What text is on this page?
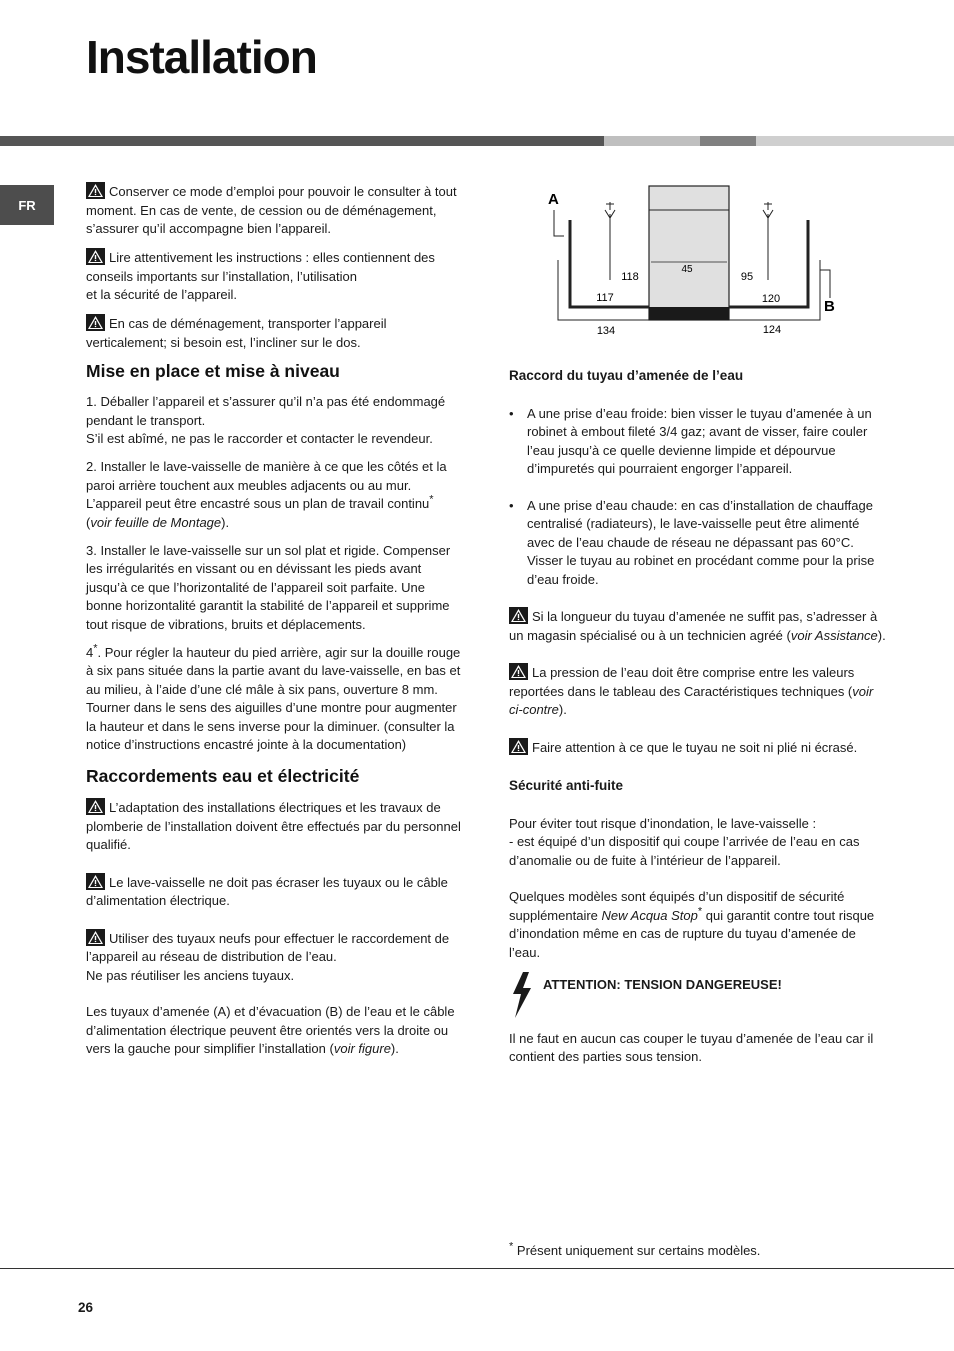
Installation
FR

Conserver ce mode d’emploi pour pouvoir le consulter à tout moment. En cas de vente, de cession ou de déménagement, s’assurer qu’il accompagne bien l’appareil.

Lire attentivement les instructions : elles contiennent des conseils importants sur l’installation, l’utilisation

et la sécurité de l’appareil.

En cas de déménagement, transporter l’appareil verticalement; si besoin est, l’incliner sur le dos.

Mise en place et mise à niveau

1. Déballer l’appareil et s’assurer qu’il n’a pas été endommagé pendant le transport.

S’il est abîmé, ne pas le raccorder et contacter le revendeur.

2. Installer le lave-vaisselle de manière à ce que les côtés et la paroi arrière touchent aux meubles adjacents ou au mur. L’appareil peut être encastré sous un plan de travail continu*
(voir feuille de Montage).

3. Installer le lave-vaisselle sur un sol plat et rigide. Compenser les irrégularités en vissant ou en dévissant les pieds avant jusqu’à ce que l’horizontalité de l’appareil soit parfaite. Une bonne horizontalité garantit la stabilité de l’appareil et supprime tout risque de vibrations, bruits et déplacements.

4*. Pour régler la hauteur du pied arrière, agir sur la douille rouge à six pans située dans la partie avant du lave-vaisselle, en bas et au milieu, à l’aide d’une clé mâle à six pans, ouverture 8 mm. Tourner dans le sens des aiguilles d’une montre pour augmenter la hauteur et dans le sens inverse pour la diminuer. (consulter la notice d’instructions encastré jointe à la documentation)

Raccordements eau et électricité

L’adaptation des installations électriques et les travaux de plomberie de l’installation doivent être effectués par du personnel qualifié.

Le lave-vaisselle ne doit pas écraser les tuyaux ou le câble d’alimentation électrique.

Utiliser des tuyaux neufs pour effectuer le raccordement de l’appareil au réseau de distribution de l’eau.

Ne pas réutiliser les anciens tuyaux.

Les tuyaux d’amenée (A) et d’évacuation (B) de l’eau et le câble d’alimentation électrique peuvent être orientés vers la droite ou vers la gauche pour simplifier l’installation (voir figure).

A
B
45
118	95
117	120
134	124
Raccord du tuyau d’amenée de l’eau
• A une prise d’eau froide: bien visser le tuyau d’amenée à un robinet à embout fileté 3/4 gaz; avant de visser, faire couler l’eau jusqu’à ce quelle devienne limpide et dépourvue d’impuretés qui pourraient engorger l’appareil.
• A une prise d’eau chaude: en cas d’installation de chauffage centralisé (radiateurs), le lave-vaisselle peut être alimenté avec de l’eau chaude de réseau ne dépassant pas 60°C.
Visser le tuyau au robinet en procédant comme pour la prise d’eau froide.

Si la longueur du tuyau d’amenée ne suffit pas, s’adresser à un magasin spécialisé ou à un technicien agréé (voir Assistance).

La pression de l’eau doit être comprise entre les valeurs reportées dans le tableau des Caractéristiques techniques (voir ci-contre).

Faire attention à ce que le tuyau ne soit ni plié ni écrasé.

Sécurité anti-fuite

Pour éviter tout risque d’inondation, le lave-vaisselle :

- est équipé d’un dispositif qui coupe l’arrivée de l’eau en cas d’anomalie ou de fuite à l’intérieur de l’appareil.

Quelques modèles sont équipés d’un dispositif de sécurité supplémentaire New Acqua Stop* qui garantit contre tout risque d’inondation même en cas de rupture du tuyau d’amenée de l’eau.

ATTENTION: TENSION DANGEREUSE!

Il ne faut en aucun cas couper le tuyau d’amenée de l’eau car il contient des parties sous tension.

* Présent uniquement sur certains modèles.
26
